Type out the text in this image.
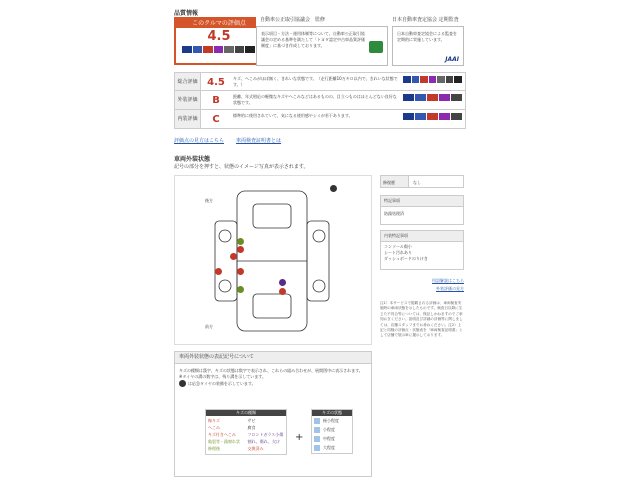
品質情報
このクルマの評価点
4.5
自動車公正取引協議会　監修
表示項目・方法・運用体制等について、自動車公正取引協議会の定める基準を満たして「トヨタ認定中古車品質評価制度」に基づき作成しております。
日本自動車査定協会 定期監査
日本自動車査定協会による監査を定期的に実施しています。
JAAI
総合評価 4.5	キズ、ヘこみがほぼ無く、きれいな状態です。（走行距離10万キロ以内で、きれいな状態です。）
外装評価	B	距離、年式相応の軽微なキズやへこみなどはあるものの、目立つものはほとんどない良好な状態です。
内装評価	C	標準的に使用されていて、気になる使用感やシミが若干あります。
評価点の見方はこちら 車両検査証明書とは
車両外装状態
記号の部分を押すと、状態のイメージ写真が表示されます。
後方
前方
修復歴	なし
特記事項
防錆処理済
内装特記事項
コンソール傷小
シート汚れあり
ダッシュボードのりけき
用語解説はこちら
外装評価の見方
注1）本サービスで掲載される評価は、車両検査実施時の車両状態を示したものです。検査日以降に生じた不具合等については、保証しかねますのでご承知おきください。説明及び詳細の評価等に関しましては、店舗スタッフまでお尋ねください。注2）上記と同様の評価点・状態表を「車両検査証明書」として店舗で展示車に掲示しております。
車両外装状態の表記記号について
キズの種類は漢字、キズの状態は数字で表示され、これらの組み合わせが、展開図中に表示されます。
※タイヤの溝の数字は、残り溝を示しています。
は応急タイヤの装備を示しています。
キズの種類
線キズ	サビ
へこみ	腐食
キズ付きへこみ	フロントガラス小傷
亀裂等・錆腐れ状	割れ、傷れ、欠け
修理後	交換済み
+
キズの状態
極小程度
小程度
中程度
大程度
